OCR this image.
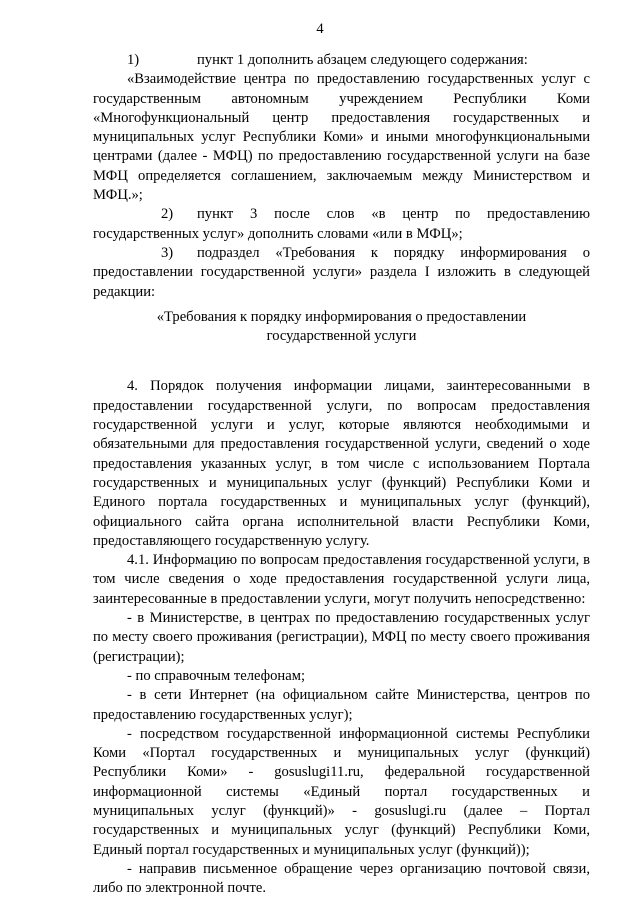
4

1)	пункт 1 дополнить абзацем следующего содержания:

«Взаимодействие центра по предоставлению государственных услуг с государственным автономным учреждением Республики Коми «Многофункциональный центр предоставления государственных и муниципальных услуг Республики Коми» и иными многофункциональными центрами (далее - МФЦ) по предоставлению государственной услуги на базе МФЦ определяется соглашением, заключаемым между Министерством и МФЦ.»;

2) пункт 3 после слов «в центр по предоставлению государственных услуг» дополнить словами «или в МФЦ»;

3) подраздел «Требования к порядку информирования о предоставлении государственной услуги» раздела I изложить в следующей редакции:

«Требования к порядку информирования о предоставлении
государственной услуги

4. Порядок получения информации лицами, заинтересованными в предоставлении государственной услуги, по вопросам предоставления государственной услуги и услуг, которые являются необходимыми и обязательными для предоставления государственной услуги, сведений о ходе предоставления указанных услуг, в том числе с использованием Портала государственных и муниципальных услуг (функций) Республики Коми и Единого портала государственных и муниципальных услуг (функций), официального сайта органа исполнительной власти Республики Коми, предоставляющего государственную услугу.

4.1. Информацию по вопросам предоставления государственной услуги, в том числе сведения о ходе предоставления государственной услуги лица, заинтересованные в предоставлении услуги, могут получить непосредственно:

- в Министерстве, в центрах по предоставлению государственных услуг по месту своего проживания (регистрации), МФЦ по месту своего проживания (регистрации);

- по справочным телефонам;

- в сети Интернет (на официальном сайте Министерства, центров по предоставлению государственных услуг);

- посредством государственной информационной системы Республики Коми «Портал государственных и муниципальных услуг (функций) Республики Коми» - gosuslugi11.ru, федеральной государственной информационной системы «Единый портал государственных и муниципальных услуг (функций)» - gosuslugi.ru (далее – Портал государственных и муниципальных услуг (функций) Республики Коми, Единый портал государственных и муниципальных услуг (функций));

- направив письменное обращение через организацию почтовой связи, либо по электронной почте.
